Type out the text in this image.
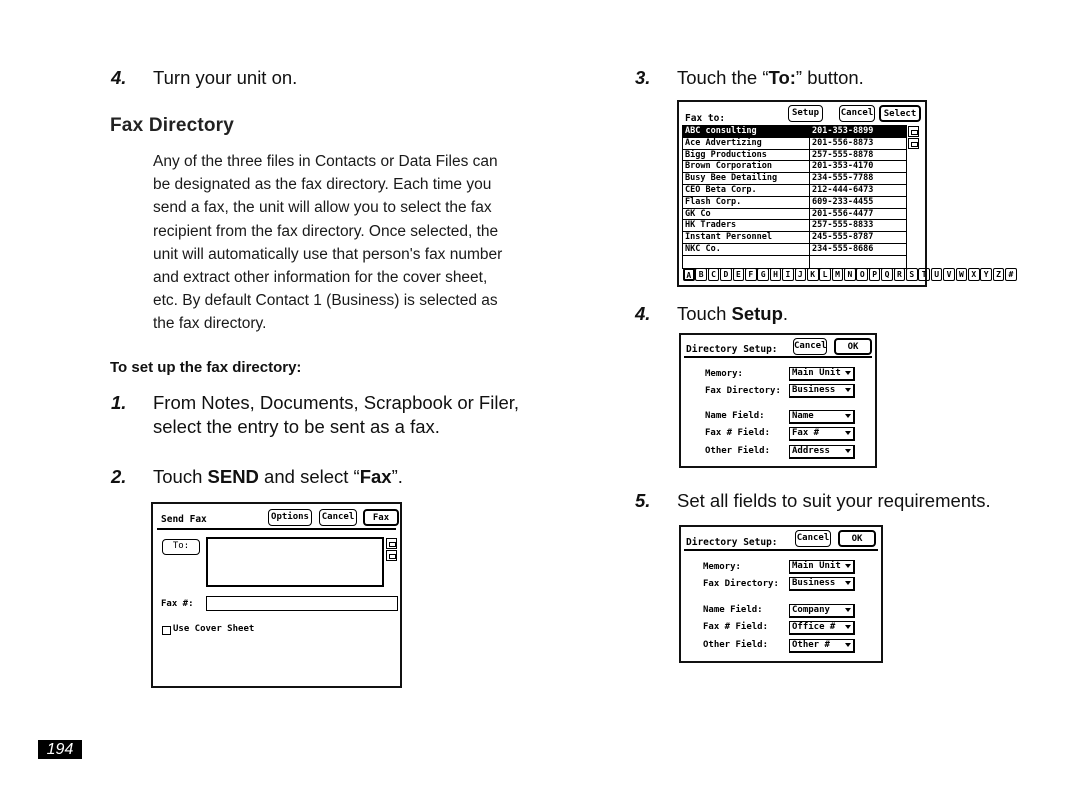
4.	Turn your unit on.
Fax Directory
Any of the three files in Contacts or Data Files can
be designated as the fax directory. Each time you
send a fax, the unit will allow you to select the fax
recipient from the fax directory. Once selected, the
unit will automatically use that person's fax number
and extract other information for the cover sheet,
etc. By default Contact 1 (Business) is selected as
the fax directory.
To set up the fax directory:
1.	From Notes, Documents, Scrapbook or Filer,
select the entry to be sent as a fax.
2.	Touch SEND and select “Fax”.
Send Fax	Options	Cancel	Fax
To:
Fax #:
Use Cover Sheet
3.	Touch the “To:” button.
Fax to:	Setup	Cancel	Select
ABC consulting	201-353-8899
Ace Advertizing	201-556-8873
Bigg Productions	257-555-8878
Brown Corporation	201-353-4170
Busy Bee Detailing	234-555-7788
CEO Beta Corp.	212-444-6473
Flash Corp.	609-233-4455
GK Co	201-556-4477
HK Traders	257-555-8833
Instant Personnel	245-555-8787
NKC Co.	234-555-8686
A B C D E F G H I J K L M N O P Q R S T U V W X Y Z #
4.	Touch Setup.
Directory Setup: Cancel	OK
Memory:	Main Unit
Fax Directory:	Business
Name Field:	Name
Fax # Field:	Fax #
Other Field:	Address
5.	Set all fields to suit your requirements.
Directory Setup: Cancel	OK
Memory:	Main Unit
Fax Directory:	Business
Name Field:	Company
Fax # Field:	Office #
Other Field:	Other #
194
